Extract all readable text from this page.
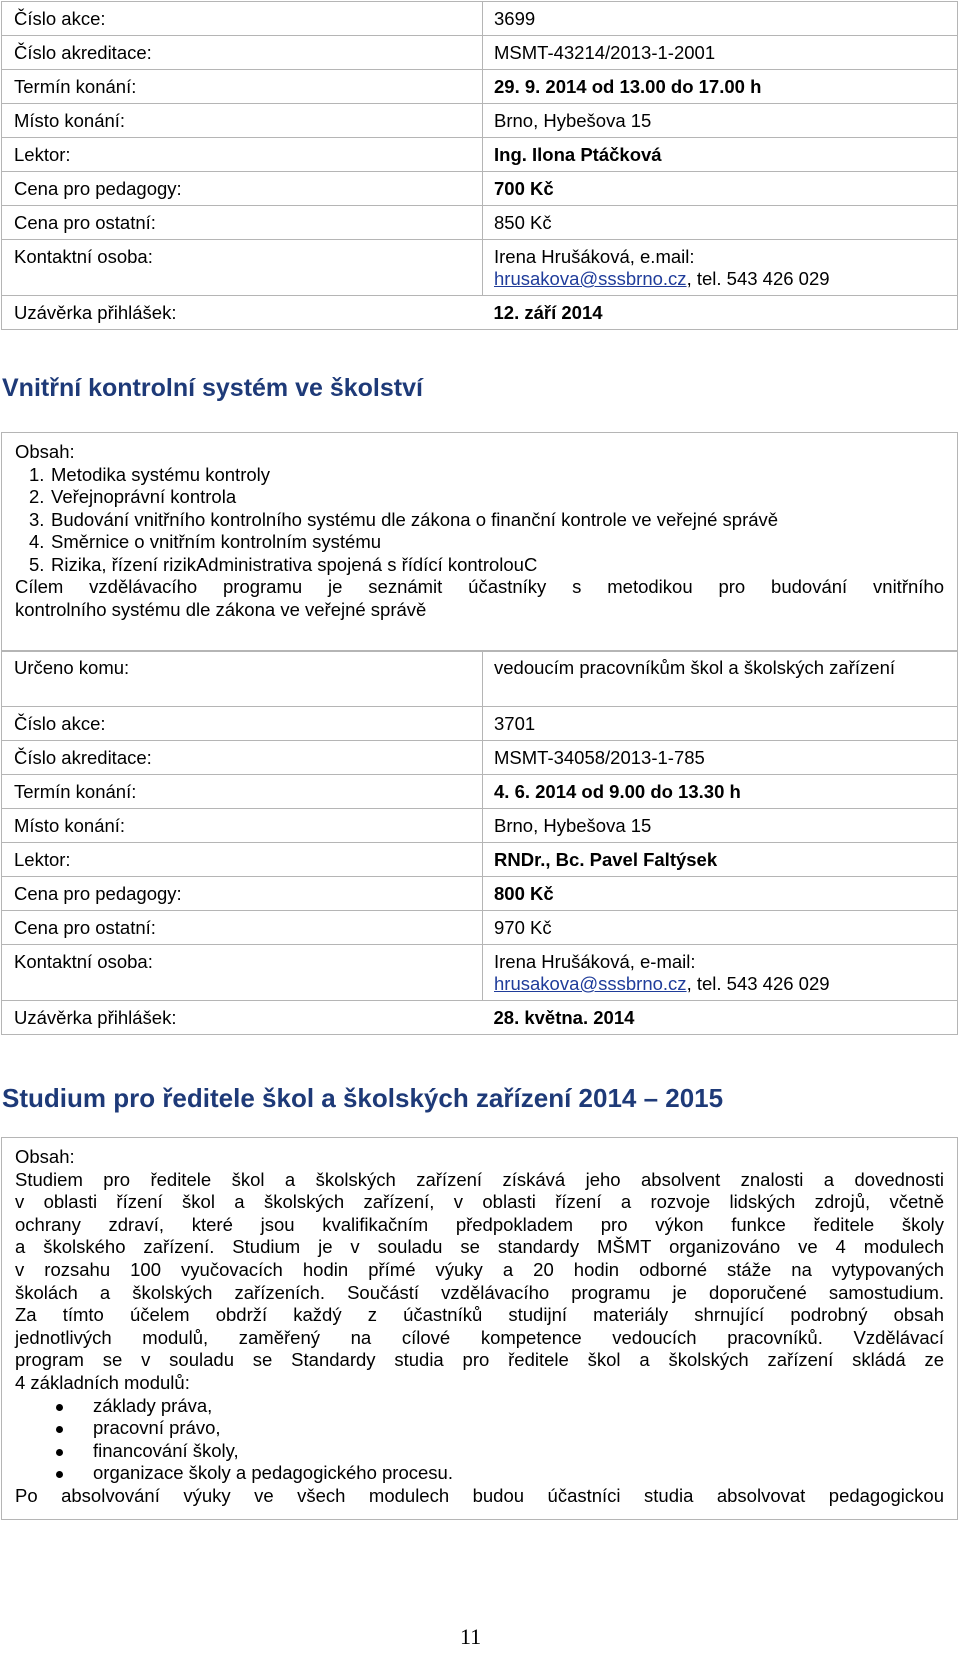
Číslo akce:	3699
Číslo akreditace:	MSMT-43214/2013-1-2001
Termín konání:	29. 9. 2014 od 13.00 do 17.00 h
Místo konání:	Brno, Hybešova 15
Lektor:	Ing. Ilona Ptáčková
Cena pro pedagogy:	700 Kč
Cena pro ostatní:	850 Kč
Kontaktní osoba:	Irena Hrušáková, e.mail:
hrusakova@sssbrno.cz, tel. 543 426 029

Uzávěrka přihlášek:	12. září 2014
Vnitřní kontrolní systém ve školství
Obsah:
1. Metodika systému kontroly
2. Veřejnoprávní kontrola
3. Budování vnitřního kontrolního systému dle zákona o finanční kontrole ve veřejné správě
4. Směrnice o vnitřním kontrolním systému
5. Rizika, řízení rizikAdministrativa spojená s řídící kontrolouC
Cílem vzdělávacího programu je seznámit účastníky s metodikou pro budování vnitřního
kontrolního systému dle zákona ve veřejné správě
Určeno komu:	vedoucím pracovníkům škol a školských zařízení
Číslo akce:	3701
Číslo akreditace:	MSMT-34058/2013-1-785
Termín konání:	4. 6. 2014 od 9.00 do 13.30 h
Místo konání:	Brno, Hybešova 15
Lektor:	RNDr., Bc. Pavel Faltýsek
Cena pro pedagogy:	800 Kč
Cena pro ostatní:	970 Kč
Kontaktní osoba:	Irena Hrušáková, e-mail:
hrusakova@sssbrno.cz, tel. 543 426 029

Uzávěrka přihlášek:	28. května. 2014
Studium pro ředitele škol a školských zařízení 2014 – 2015
Obsah:
Studiem pro ředitele škol a školských zařízení získává jeho absolvent znalosti a dovednosti
v oblasti řízení škol a školských zařízení, v oblasti řízení a rozvoje lidských zdrojů, včetně
ochrany zdraví, které jsou kvalifikačním předpokladem pro výkon funkce ředitele školy
a školského zařízení. Studium je v souladu se standardy MŠMT organizováno ve 4 modulech
v rozsahu 100 vyučovacích hodin přímé výuky a 20 hodin odborné stáže na vytypovaných
školách a školských zařízeních. Součástí vzdělávacího programu je doporučené samostudium.
Za tímto účelem obdrží každý z účastníků studijní materiály shrnující podrobný obsah
jednotlivých modulů, zaměřený na cílové kompetence vedoucích pracovníků. Vzdělávací
program se v souladu se Standardy studia pro ředitele škol a školských zařízení skládá ze
4 základních modulů:
základy práva,
pracovní právo,
financování školy,
organizace školy a pedagogického procesu.
Po absolvování výuky ve všech modulech budou účastníci studia absolvovat pedagogickou
11
